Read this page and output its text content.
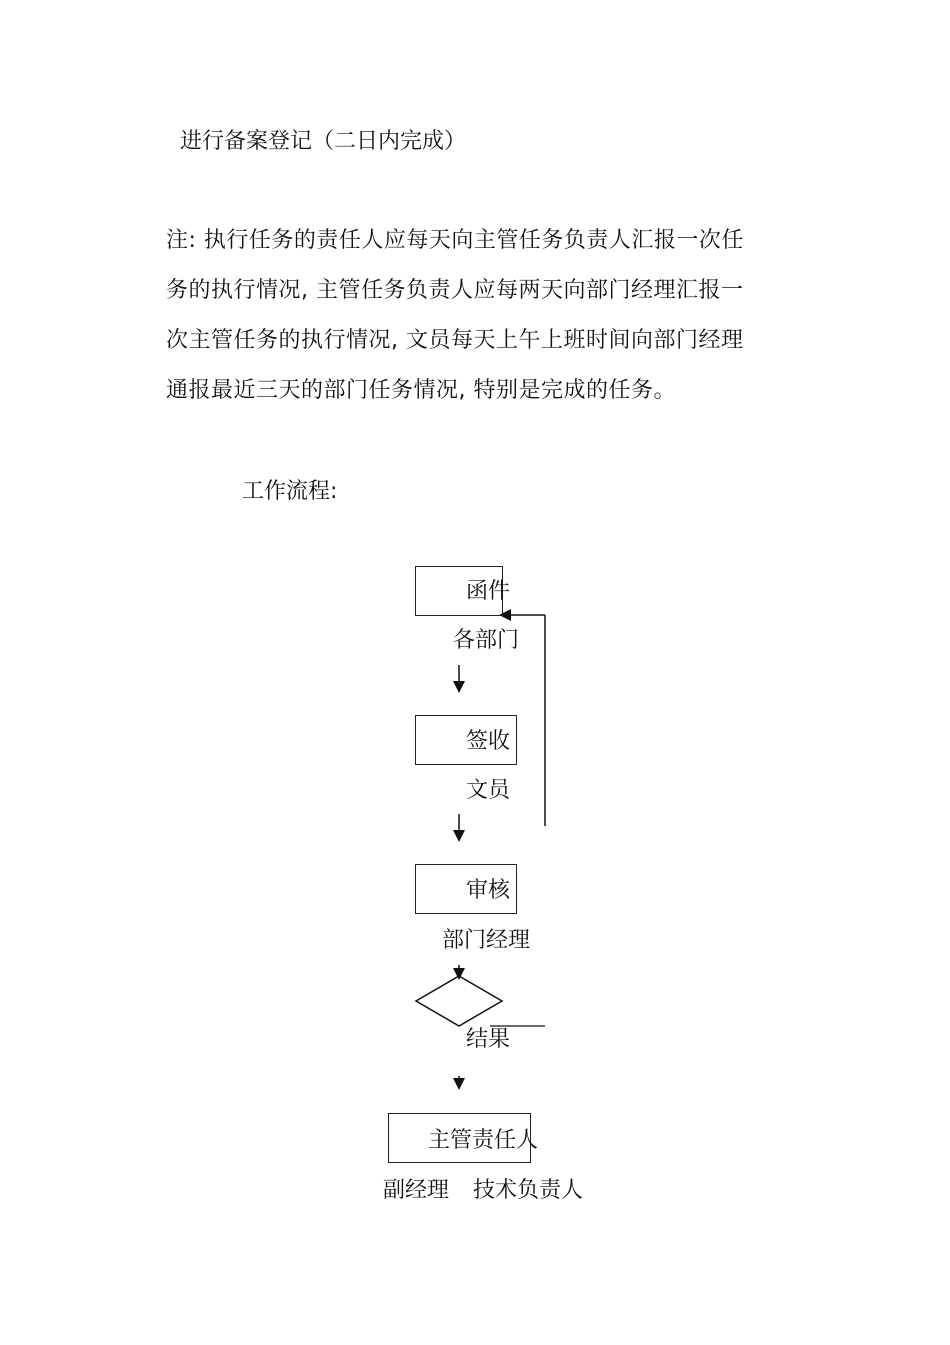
进行备案登记（二日内完成）
注: 执行任务的责任人应每天向主管任务负责人汇报一次任
务的执行情况, 主管任务负责人应每两天向部门经理汇报一
次主管任务的执行情况, 文员每天上午上班时间向部门经理
通报最近三天的部门任务情况, 特别是完成的任务。
工作流程:
函件
各部门
签收
文员
审核
部门经理
结果
主管责任人
副经理 技术负责人
